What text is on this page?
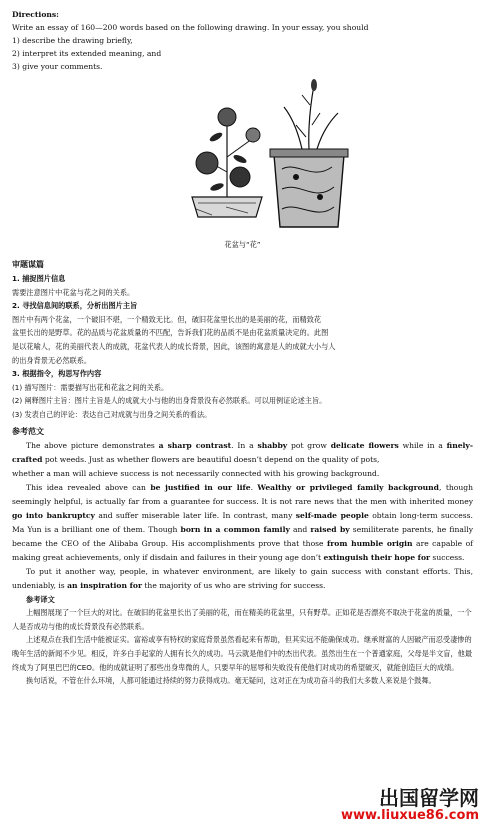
Directions:

Write an essay of 160—200 words based on the following drawing. In your essay, you should

1) describe the drawing briefly,

2) interpret its extended meaning, and

3) give your comments.

花盆与“花”

审题谋篇

1. 捕捉图片信息

需要注意图片中花盆与花之间的关系。

2. 寻找信息间的联系，分析出图片主旨

图片中有两个花盆，一个破旧不堪，一个精致无比。但，破旧花盆里长出的是美丽的花，而精致花

盆里长出的是野草。花的品质与花盆质量的不匹配，告诉我们花的品质不是由花盆质量决定的。此图

是以花喻人，花的美丽代表人的成就，花盆代表人的成长背景，因此，该图的寓意是人的成就大小与人

的出身背景无必然联系。

3. 根据指令，构思写作内容

(1) 描写图片：需要描写出花和花盆之间的关系。

(2) 阐释图片主旨：图片主旨是人的成就大小与他的出身背景没有必然联系。可以用例证论述主旨。

(3) 发表自己的评论：表达自己对成就与出身之间关系的看法。

参考范文

The above picture demonstrates a sharp contrast. In a shabby pot grow delicate flowers while in a finely-crafted pot weeds. Just as whether flowers are beautiful doesn’t depend on the quality of pots,

whether a man will achieve success is not necessarily connected with his growing background.

This idea revealed above can be justified in our life. Wealthy or privileged family background, though seemingly helpful, is actually far from a guarantee for success. It is not rare news that the men with inherited money go into bankruptcy and suffer miserable later life. In contrast, many self-made people obtain long-term success. Ma Yun is a brilliant one of them. Though born in a common family and raised by semiliterate parents, he finally became the CEO of the Alibaba Group. His accomplishments prove that those from humble origin are capable of making great achievements, only if disdain and failures in their young age don’t extinguish their hope for success.

To put it another way, people, in whatever environment, are likely to gain success with constant efforts. This, undeniably, is an inspiration for the majority of us who are striving for success.

参考译文

上幅图展现了一个巨大的对比。在破旧的花盆里长出了美丽的花，而在精美的花盆里，只有野草。正如花是否漂亮不取决于花盆的质量，一个人是否成功与他的成长背景没有必然联系。

上述观点在我们生活中能被证实。富裕或享有特权的家庭背景虽然看起来有帮助，但其实远不能确保成功。继承财富的人因破产而忍受凄惨的晚年生活的新闻不少见。相反，许多白手起家的人拥有长久的成功。马云就是他们中的杰出代表。虽然出生在一个普通家庭，父母是半文盲，他最终成为了阿里巴巴的CEO。他的成就证明了那些出身卑微的人，只要早年的屈辱和失败没有使他们对成功的希望破灭，就能创造巨大的成绩。

换句话说，不管在什么环境，人都可能通过持续的努力获得成功。毫无疑问，这对正在为成功奋斗的我们大多数人来说是个鼓舞。

出国留学网
www.liuxue86.com
